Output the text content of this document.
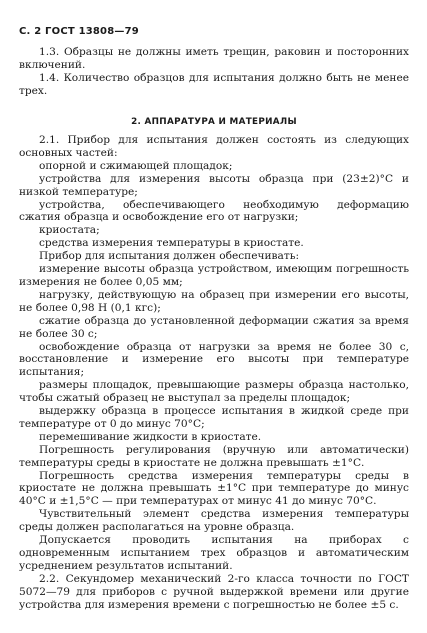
С. 2 ГОСТ 13808—79

1.3. Образцы не должны иметь трещин, раковин и посторонних включений.

1.4. Количество образцов для испытания должно быть не менее трех.

2. АППАРАТУРА И МАТЕРИАЛЫ

2.1. Прибор для испытания должен состоять из следующих основных частей:

опорной и сжимающей площадок;

устройства для измерения высоты образца при (23±2)°С и низкой температуре;

устройства, обеспечивающего необходимую деформацию сжатия образца и освобождение его от нагрузки;

криостата;

средства измерения температуры в криостате.

Прибор для испытания должен обеспечивать:

измерение высоты образца устройством, имеющим погрешность измерения не более 0,05 мм;

нагрузку, действующую на образец при измерении его высоты, не более 0,98 Н (0,1 кгс);

сжатие образца до установленной деформации сжатия за время не более 30 с;

освобождение образца от нагрузки за время не более 30 с, восстановление и измерение его высоты при температуре испытания;

размеры площадок, превышающие размеры образца настолько, чтобы сжатый образец не выступал за пределы площадок;

выдержку образца в процессе испытания в жидкой среде при температуре от 0 до минус 70°С;

перемешивание жидкости в криостате.

Погрешность регулирования (вручную или автоматически) температуры среды в криостате не должна превышать ±1°С.

Погрешность средства измерения температуры среды в криостате не должна превышать ±1°С при температуре до минус 40°С и ±1,5°С — при температурах от минус 41 до минус 70°С.

Чувствительный элемент средства измерения температуры среды должен располагаться на уровне образца.

Допускается проводить испытания на приборах с одновременным испытанием трех образцов и автоматическим усреднением результатов испытаний.

2.2. Секундомер механический 2-го класса точности по ГОСТ 5072—79 для приборов с ручной выдержкой времени или другие устройства для измерения времени с погрешностью не более ±5 с.
